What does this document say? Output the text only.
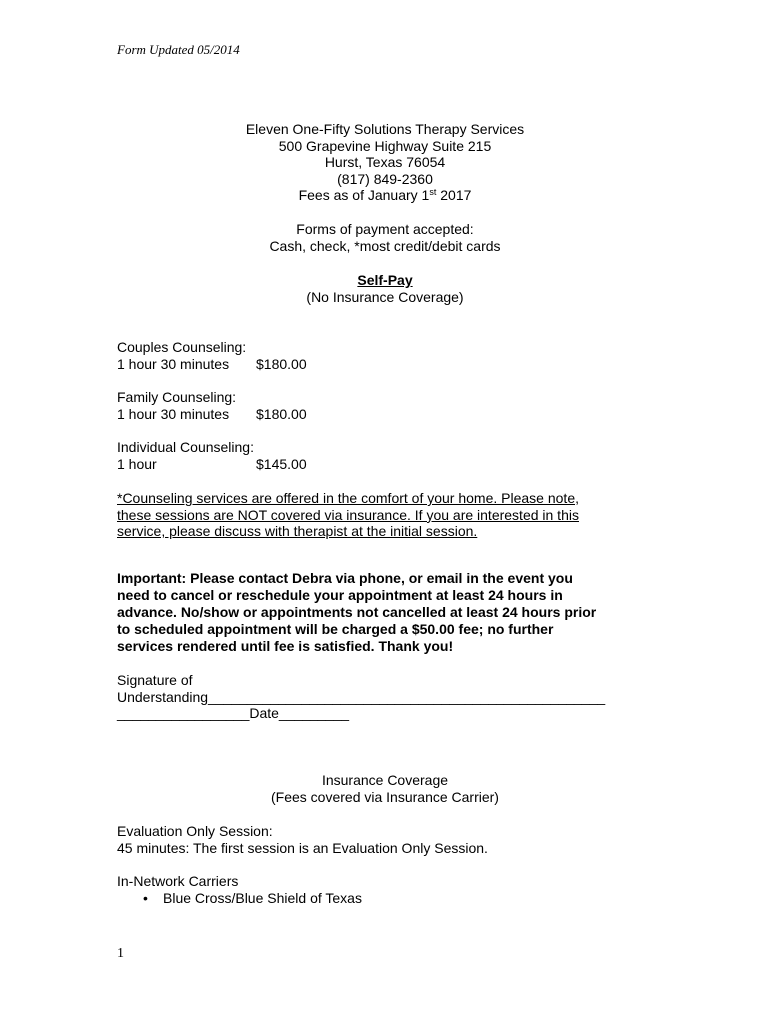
Form Updated 05/2014
Eleven One-Fifty Solutions Therapy Services
500 Grapevine Highway Suite 215
Hurst, Texas 76054
(817) 849-2360
Fees as of January 1st 2017
Forms of payment accepted:
Cash, check, *most credit/debit cards
Self-Pay
(No Insurance Coverage)
Couples Counseling:
1 hour 30 minutes	$180.00
Family Counseling:
1 hour 30 minutes	$180.00
Individual Counseling:
1 hour	$145.00
*Counseling services are offered in the comfort of your home. Please note,
these sessions are NOT covered via insurance. If you are interested in this
service, please discuss with therapist at the initial session.
Important: Please contact Debra via phone, or email in the event you
need to cancel or reschedule your appointment at least 24 hours in
advance. No/show or appointments not cancelled at least 24 hours prior
to scheduled appointment will be charged a $50.00 fee; no further
services rendered until fee is satisfied. Thank you!
Signature of
Understanding___________________________________________________
_________________Date_________
Insurance Coverage
(Fees covered via Insurance Carrier)
Evaluation Only Session:
45 minutes: The first session is an Evaluation Only Session.
In-Network Carriers
• Blue Cross/Blue Shield of Texas
1
